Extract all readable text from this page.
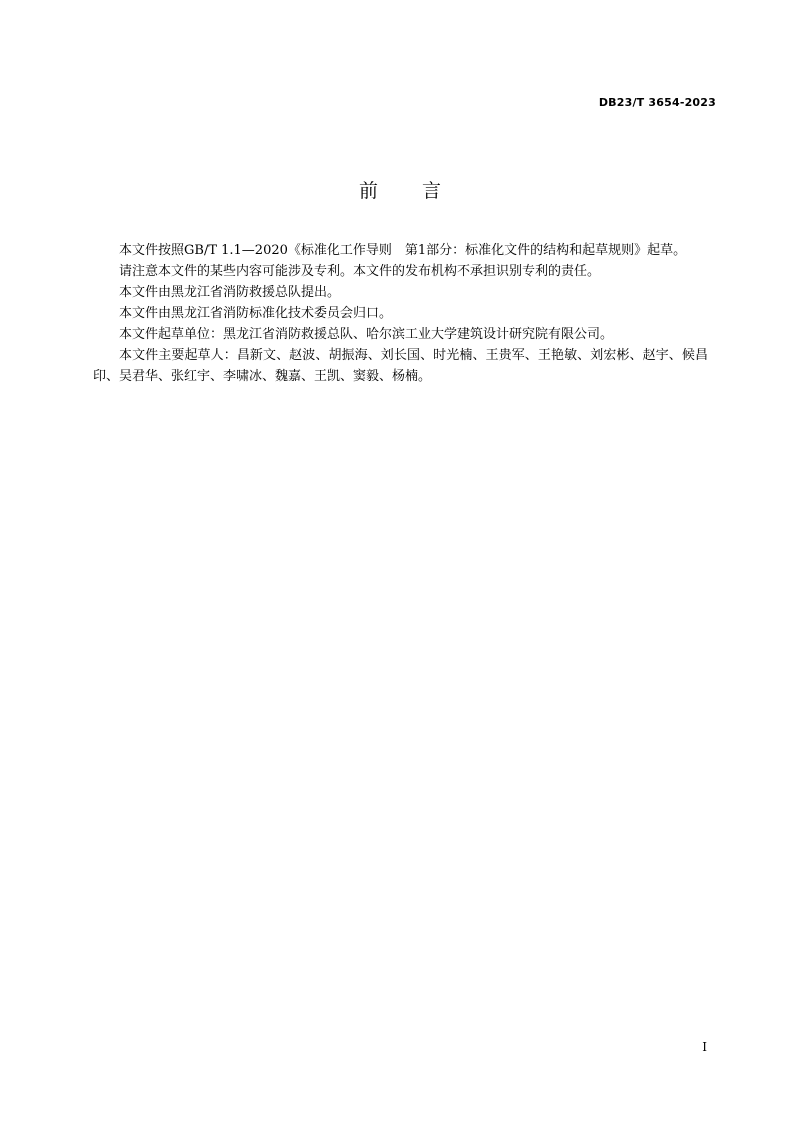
DB23/T 3654-2023
前 言

本文件按照GB/T 1.1—2020《标准化工作导则　第1部分：标准化文件的结构和起草规则》起草。

请注意本文件的某些内容可能涉及专利。本文件的发布机构不承担识别专利的责任。

本文件由黑龙江省消防救援总队提出。

本文件由黑龙江省消防标准化技术委员会归口。

本文件起草单位：黑龙江省消防救援总队、哈尔滨工业大学建筑设计研究院有限公司。

本文件主要起草人：昌新文、赵波、胡振海、刘长国、时光楠、王贵军、王艳敏、刘宏彬、赵宇、候昌印、吴君华、张红宇、李啸冰、魏嘉、王凯、窦毅、杨楠。

I
